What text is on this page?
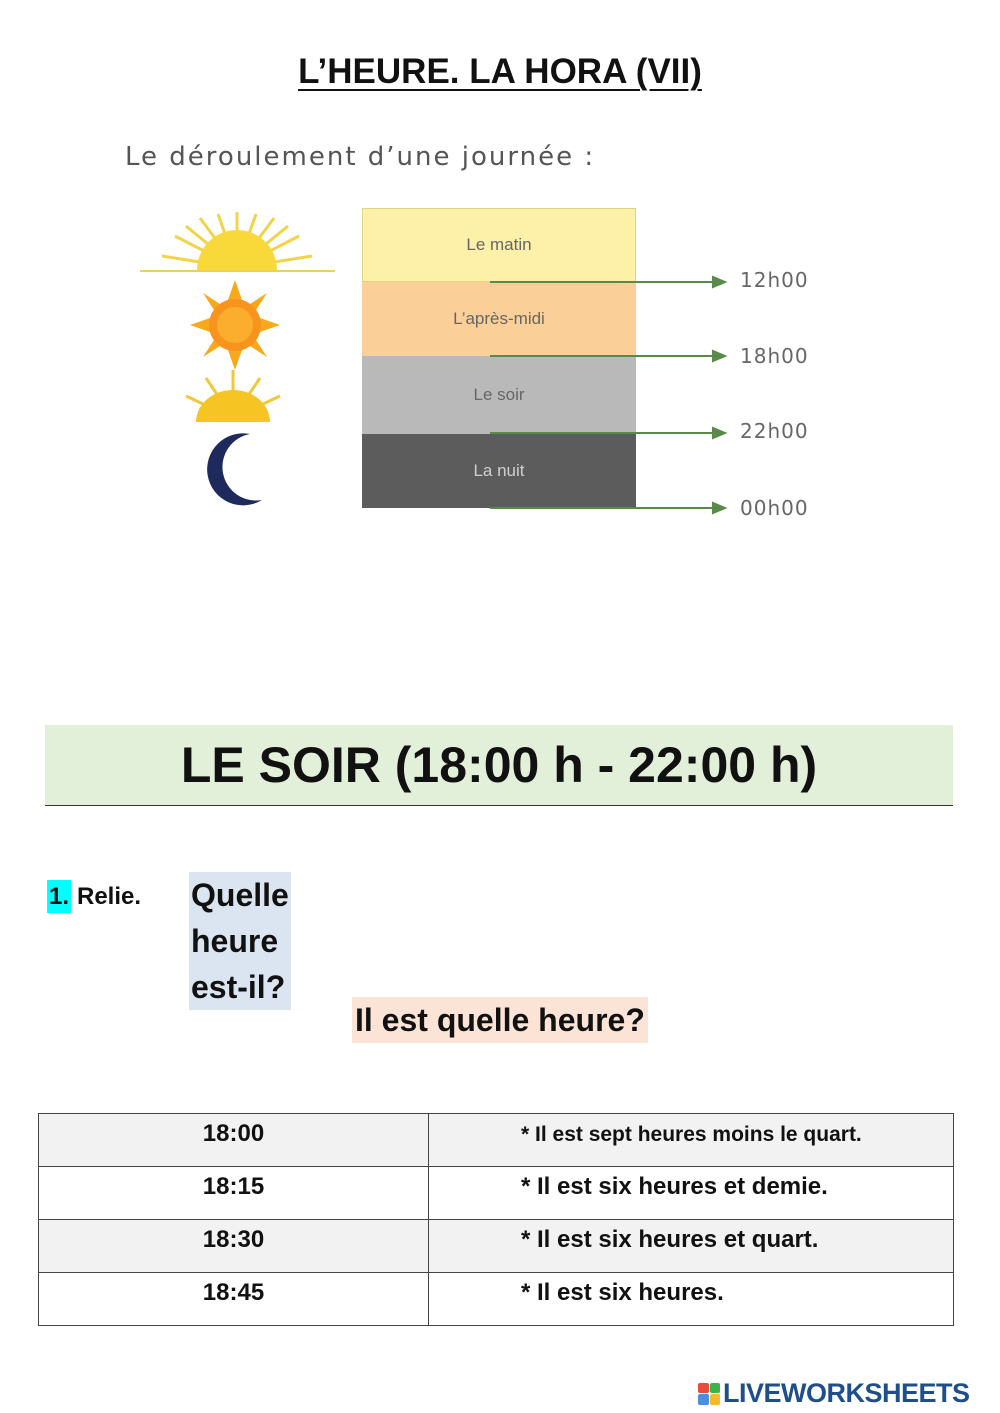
L’HEURE. LA HORA (VII)
Le déroulement d’une journée :
Le matin
L’après-midi
Le soir
La nuit
12h00
18h00
22h00
00h00
LE SOIR (18:00 h - 22:00 h)
1. Relie. Quelle heure est-il?
Il est quelle heure?
18:00	* Il est sept heures moins le quart.
18:15	* Il est six heures et demie.
18:30	* Il est six heures et quart.
18:45	* Il est six heures.
LIVEWORKSHEETS
